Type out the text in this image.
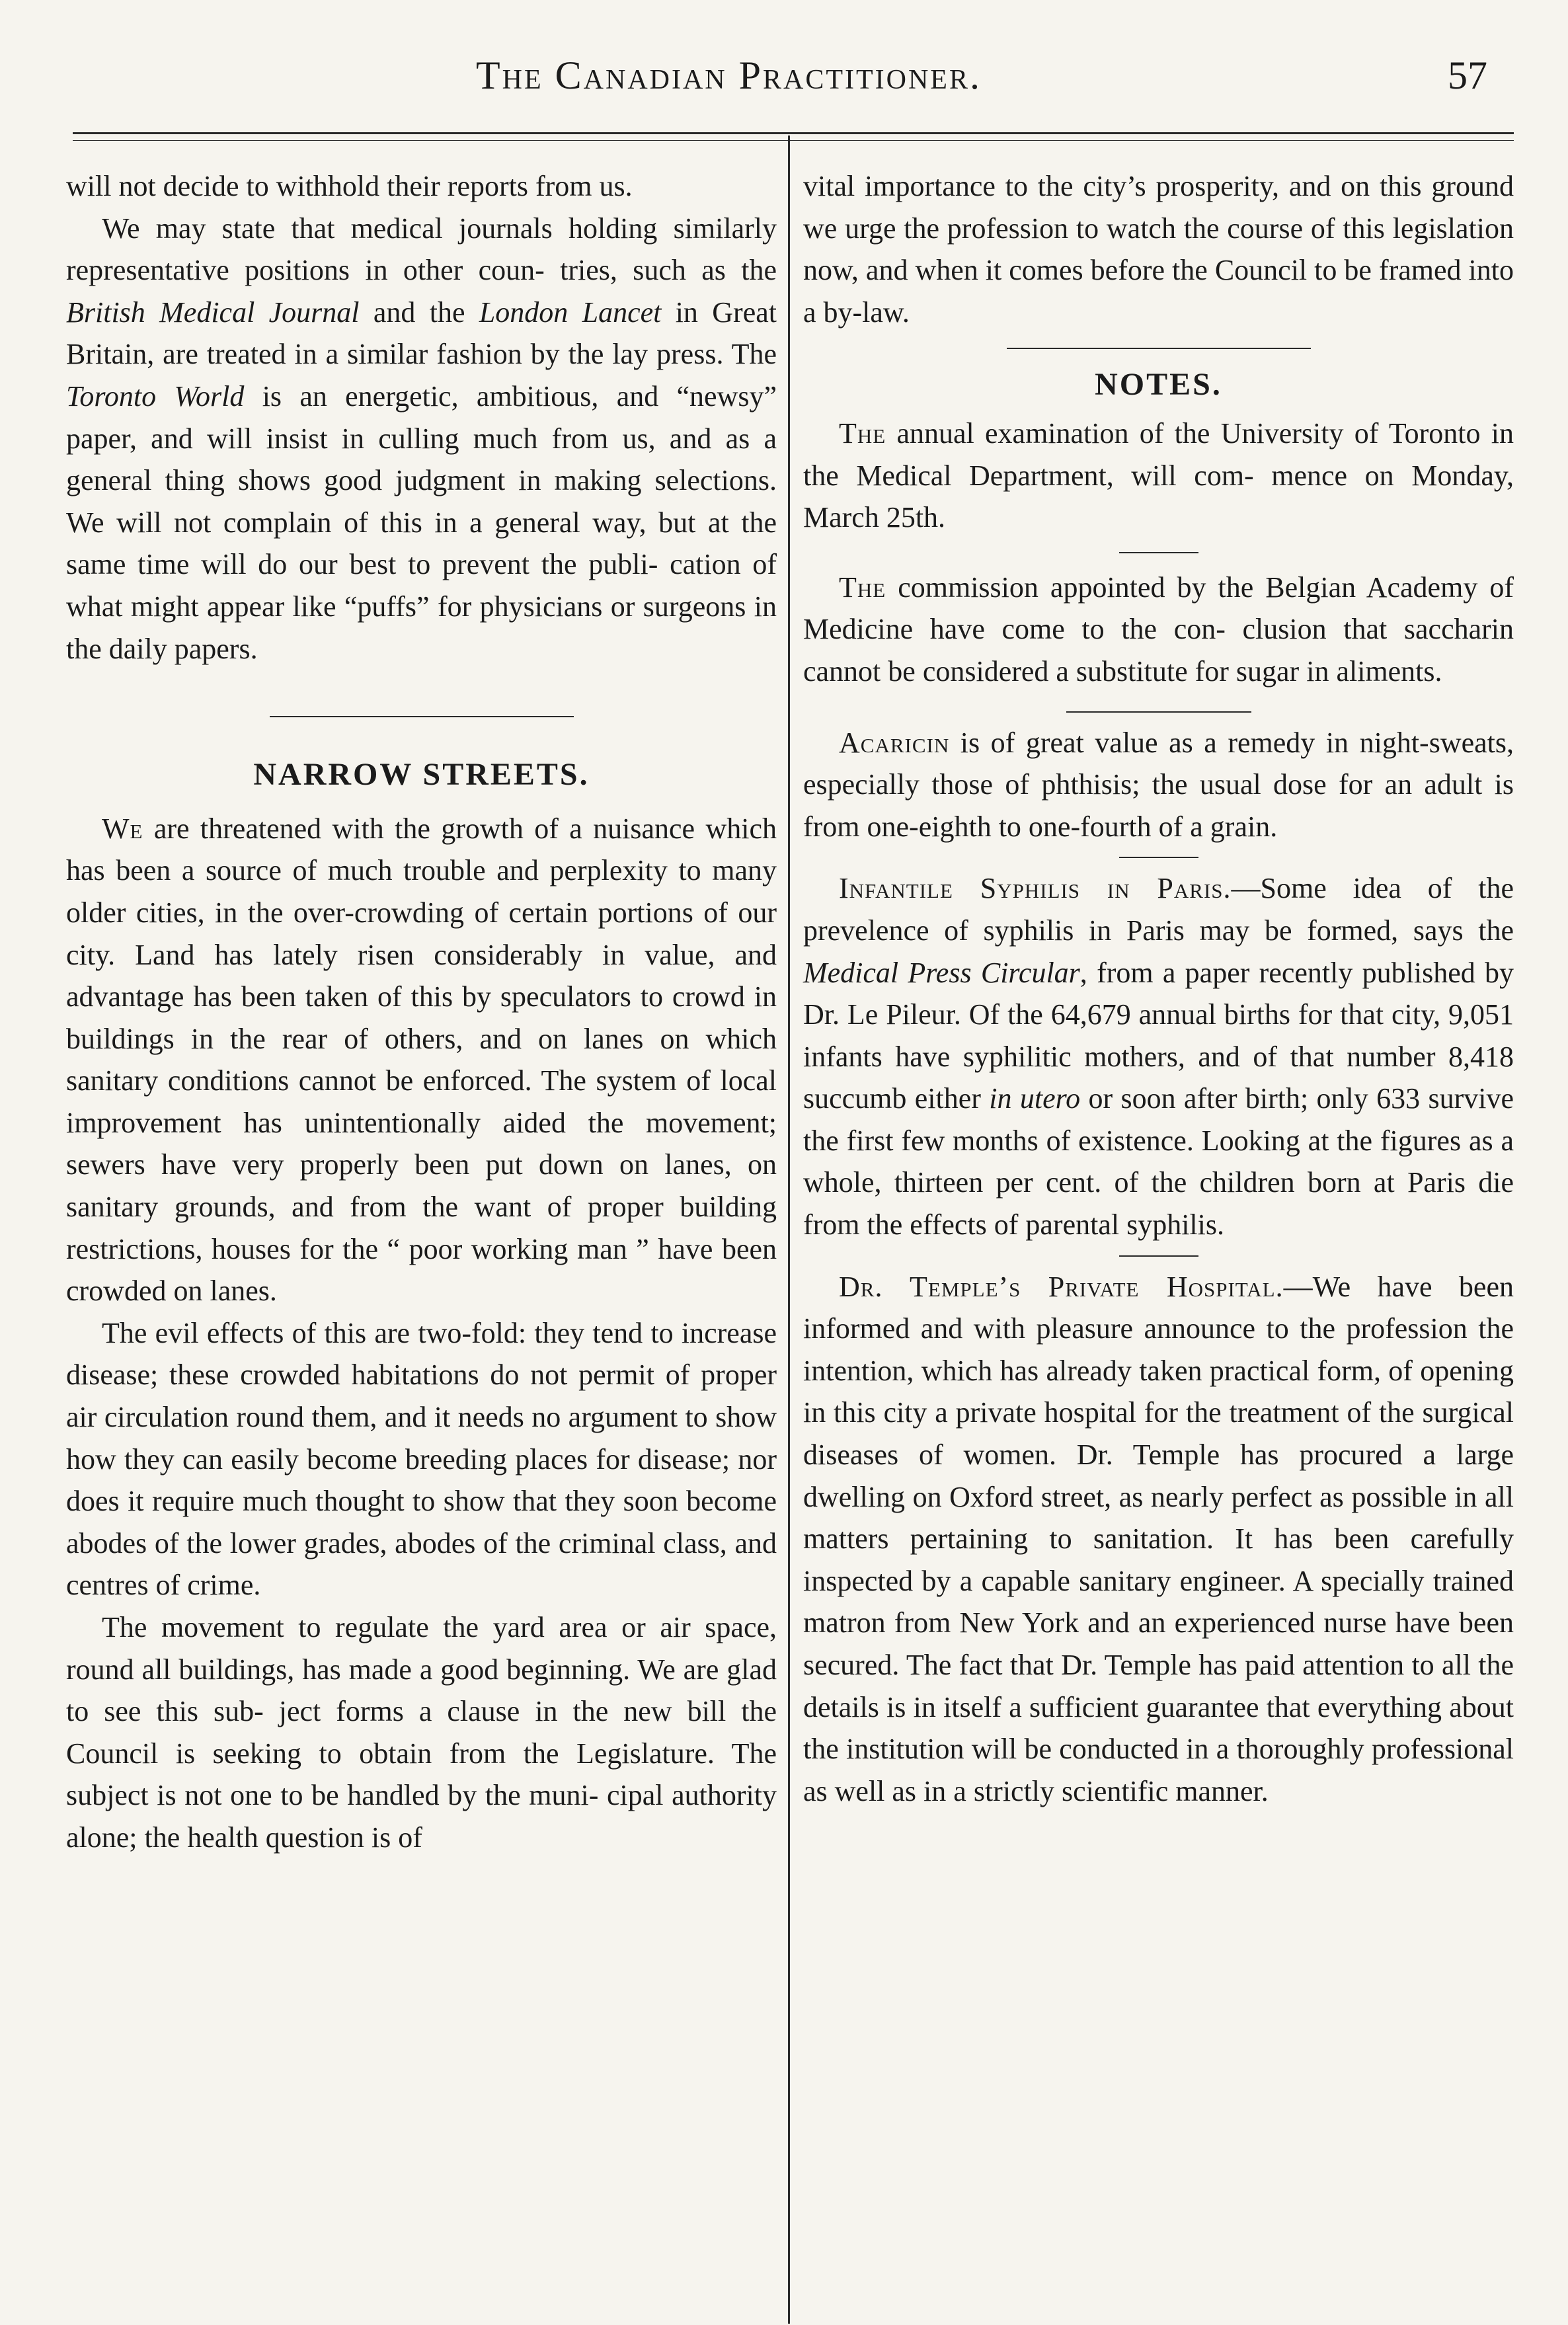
The Canadian Practitioner.	57

will not decide to withhold their reports from us.

We may state that medical journals holding similarly representative positions in other coun- tries, such as the British Medical Journal and the London Lancet in Great Britain, are treated in a similar fashion by the lay press. The Toronto World is an energetic, ambitious, and “newsy” paper, and will insist in culling much from us, and as a general thing shows good judgment in making selections. We will not complain of this in a general way, but at the same time will do our best to prevent the publi- cation of what might appear like “puffs” for physicians or surgeons in the daily papers.

NARROW STREETS.

We are threatened with the growth of a nuisance which has been a source of much trouble and perplexity to many older cities, in the over-crowding of certain portions of our city. Land has lately risen considerably in value, and advantage has been taken of this by speculators to crowd in buildings in the rear of others, and on lanes on which sanitary conditions cannot be enforced. The system of local improvement has unintentionally aided the movement; sewers have very properly been put down on lanes, on sanitary grounds, and from the want of proper building restrictions, houses for the “ poor working man ” have been crowded on lanes.

The evil effects of this are two-fold: they tend to increase disease; these crowded habitations do not permit of proper air circulation round them, and it needs no argument to show how they can easily become breeding places for disease; nor does it require much thought to show that they soon become abodes of the lower grades, abodes of the criminal class, and centres of crime.

The movement to regulate the yard area or air space, round all buildings, has made a good beginning. We are glad to see this sub- ject forms a clause in the new bill the Council is seeking to obtain from the Legislature. The subject is not one to be handled by the muni- cipal authority alone; the health question is of

vital importance to the city’s prosperity, and on this ground we urge the profession to watch the course of this legislation now, and when it comes before the Council to be framed into a by-law.

NOTES.

The annual examination of the University of Toronto in the Medical Department, will com- mence on Monday, March 25th.

The commission appointed by the Belgian Academy of Medicine have come to the con- clusion that saccharin cannot be considered a substitute for sugar in aliments.

Acaricin is of great value as a remedy in night-sweats, especially those of phthisis; the usual dose for an adult is from one-eighth to one-fourth of a grain.

Infantile Syphilis in Paris.—Some idea of the prevelence of syphilis in Paris may be formed, says the Medical Press Circular, from a paper recently published by Dr. Le Pileur. Of the 64,679 annual births for that city, 9,051 infants have syphilitic mothers, and of that number 8,418 succumb either in utero or soon after birth; only 633 survive the first few months of existence. Looking at the figures as a whole, thirteen per cent. of the children born at Paris die from the effects of parental syphilis.

Dr. Temple’s Private Hospital.—We have been informed and with pleasure announce to the profession the intention, which has already taken practical form, of opening in this city a private hospital for the treatment of the surgical diseases of women. Dr. Temple has procured a large dwelling on Oxford street, as nearly perfect as possible in all matters pertaining to sanitation. It has been carefully inspected by a capable sanitary engineer. A specially trained matron from New York and an experienced nurse have been secured. The fact that Dr. Temple has paid attention to all the details is in itself a sufficient guarantee that everything about the institution will be conducted in a thoroughly professional as well as in a strictly scientific manner.
